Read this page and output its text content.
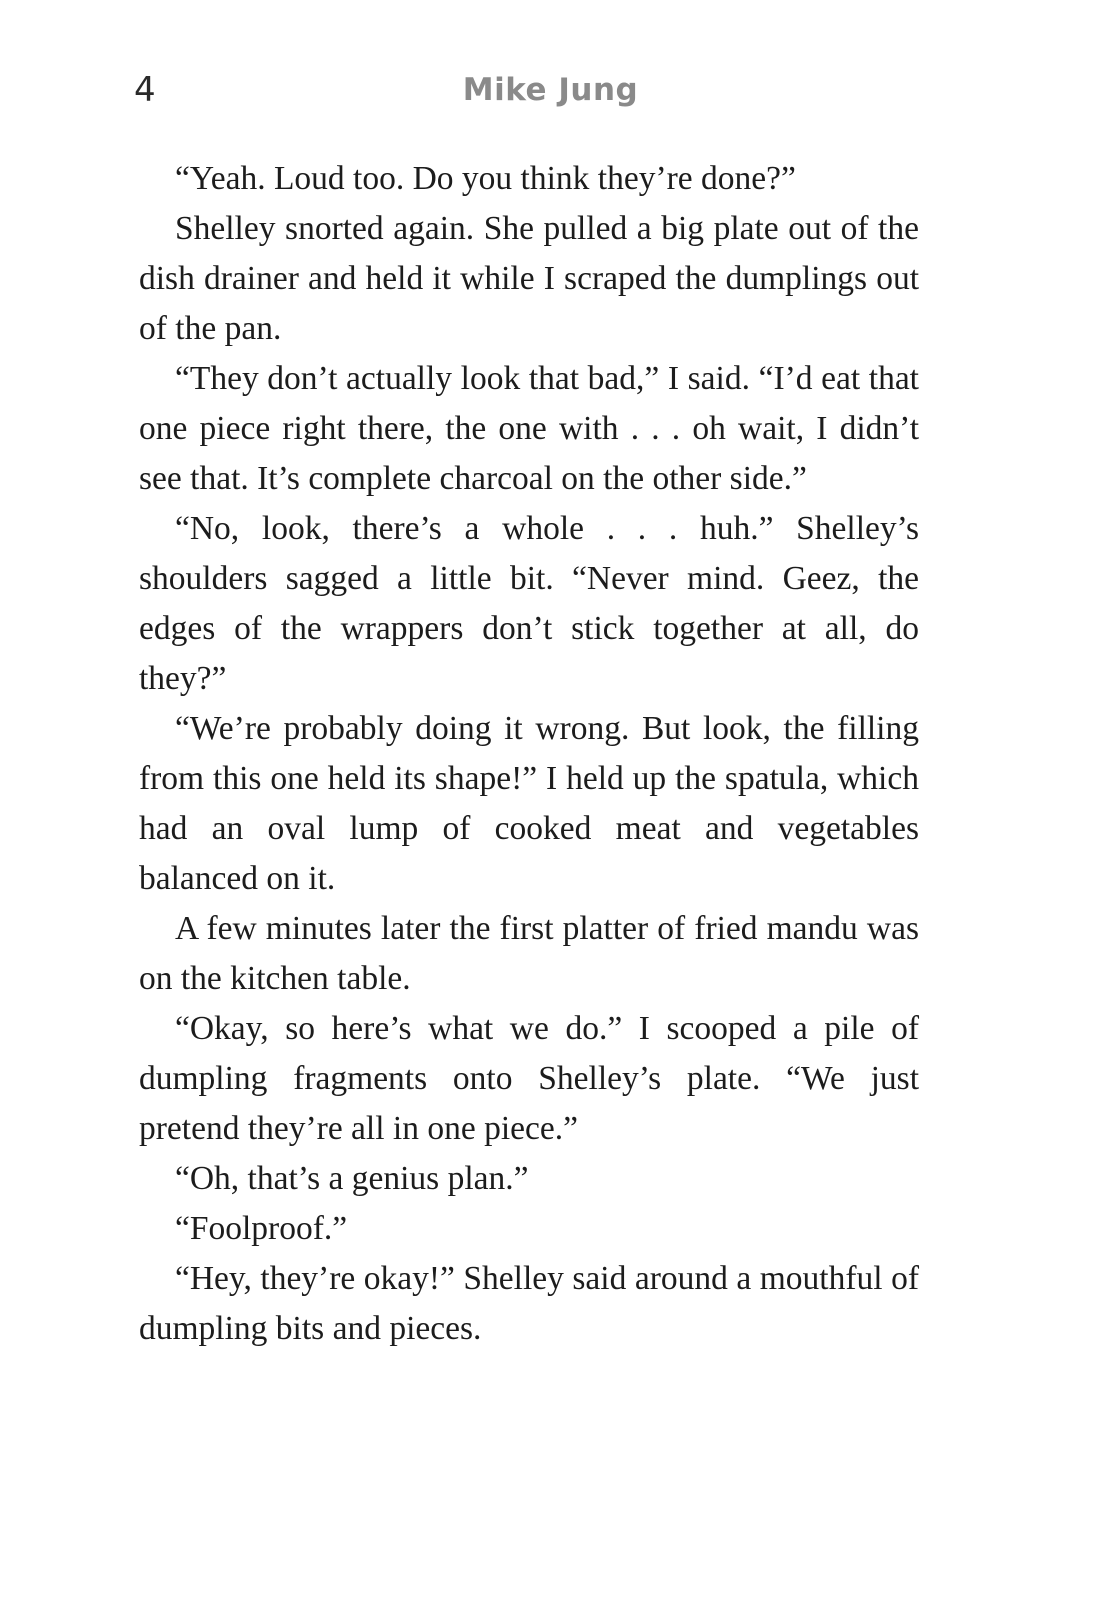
4	Mike Jung

“Yeah. Loud too. Do you think they’re done?”

Shelley snorted again. She pulled a big plate out of the dish drainer and held it while I scraped the dumplings out of the pan.

“They don’t actually look that bad,” I said. “I’d eat that one piece right there, the one with . . . oh wait, I didn’t see that. It’s complete charcoal on the other side.”

“No, look, there’s a whole . . . huh.” Shelley’s shoulders sagged a little bit. “Never mind. Geez, the edges of the wrappers don’t stick together at all, do they?”

“We’re probably doing it wrong. But look, the filling from this one held its shape!” I held up the spatula, which had an oval lump of cooked meat and vegetables balanced on it.

A few minutes later the first platter of fried mandu was on the kitchen table.

“Okay, so here’s what we do.” I scooped a pile of dumpling fragments onto Shelley’s plate. “We just pretend they’re all in one piece.”

“Oh, that’s a genius plan.”

“Foolproof.”

“Hey, they’re okay!” Shelley said around a mouthful of dumpling bits and pieces.
